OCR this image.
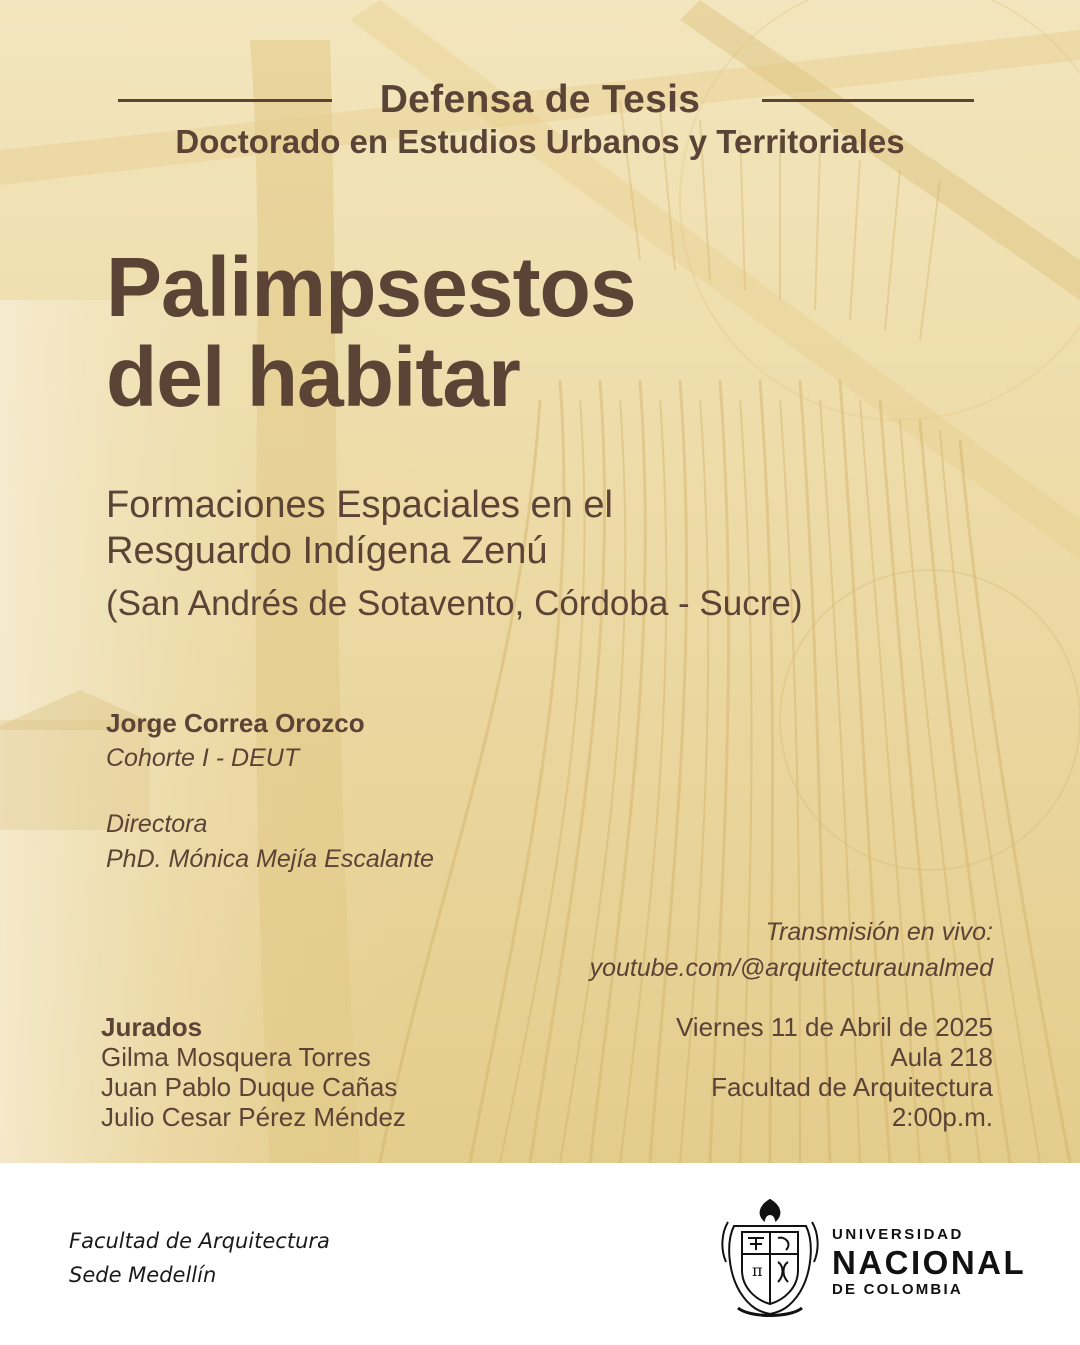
Defensa de Tesis
Doctorado en Estudios Urbanos y Territoriales
Palimpsestos
del habitar
Formaciones Espaciales en el
Resguardo Indígena Zenú
(San Andrés de Sotavento, Córdoba - Sucre)
Jorge Correa Orozco
Cohorte I - DEUT
Directora
PhD. Mónica Mejía Escalante
Transmisión en vivo:
youtube.com/@arquitecturaunalmed
Jurados
Gilma Mosquera Torres
Juan Pablo Duque Cañas
Julio Cesar Pérez Méndez
Viernes 11 de Abril de 2025
Aula 218
Facultad de Arquitectura
2:00p.m.
Facultad de Arquitectura
Sede Medellín	π
UNIVERSIDAD
NACIONAL
DE COLOMBIA
